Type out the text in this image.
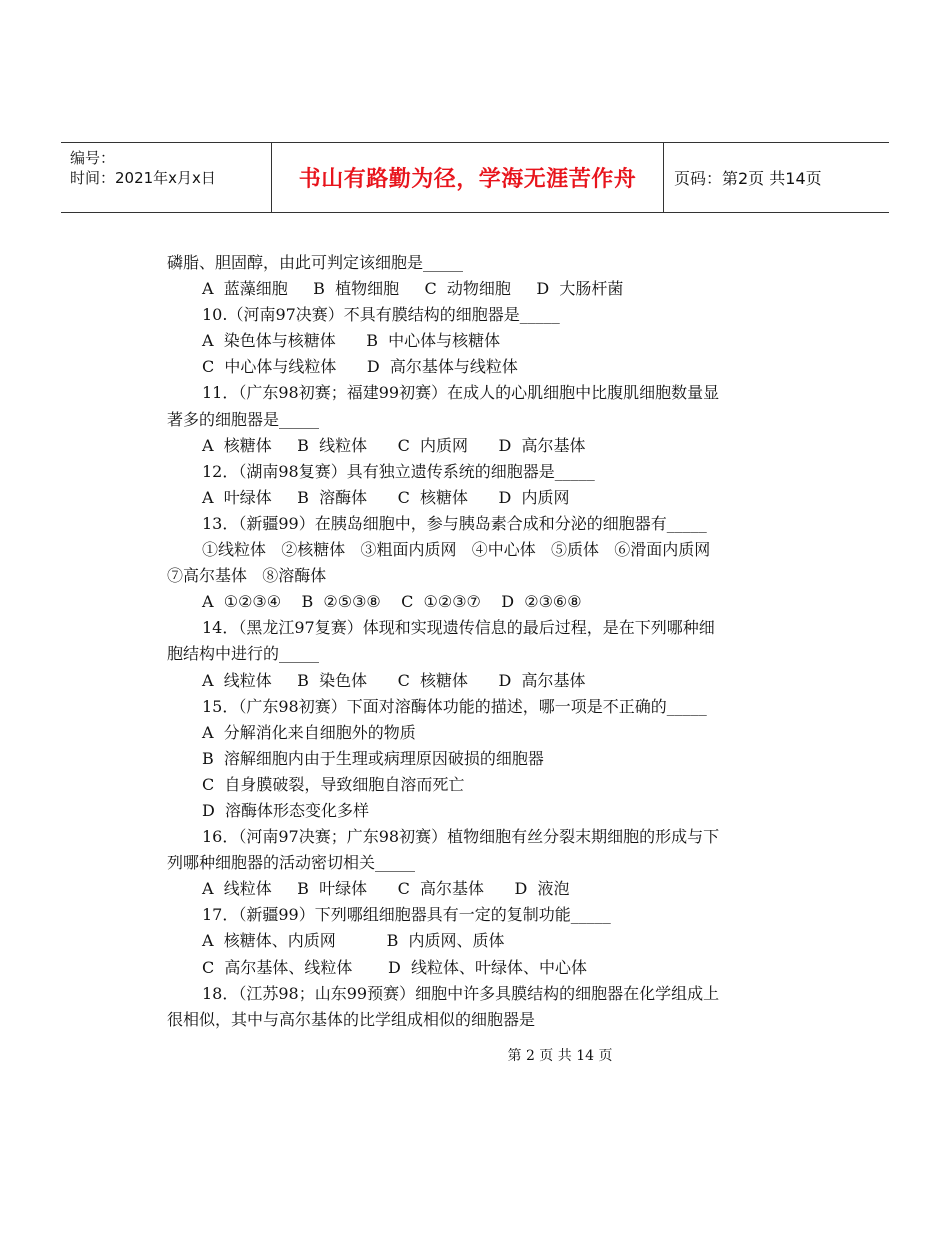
编号：
时间：2021年x月x日	书山有路勤为径，学海无涯苦作舟 页码：第2页 共14页
磷脂、胆固醇，由此可判定该细胞是_____
A  蓝藻细胞     B  植物细胞     C  动物细胞     D  大肠杆菌
10.（河南97决赛）不具有膜结构的细胞器是_____
A  染色体与核糖体      B  中心体与核糖体
C  中心体与线粒体      D  高尔基体与线粒体
11．（广东98初赛；福建99初赛）在成人的心肌细胞中比腹肌细胞数量显
著多的细胞器是_____
A  核糖体     B  线粒体      C  内质网      D  高尔基体
12．（湖南98复赛）具有独立遗传系统的细胞器是_____
A  叶绿体     B  溶酶体      C  核糖体      D  内质网
13．（新疆99）在胰岛细胞中，参与胰岛素合成和分泌的细胞器有_____
①线粒体   ②核糖体   ③粗面内质网   ④中心体   ⑤质体   ⑥滑面内质网
⑦高尔基体   ⑧溶酶体
A  ①②③④    B  ②⑤③⑧    C  ①②③⑦    D  ②③⑥⑧
14．（黑龙江97复赛）体现和实现遗传信息的最后过程，是在下列哪种细
胞结构中进行的_____
A  线粒体     B  染色体      C  核糖体      D  高尔基体
15．（广东98初赛）下面对溶酶体功能的描述，哪一项是不正确的_____
A  分解消化来自细胞外的物质
B  溶解细胞内由于生理或病理原因破损的细胞器
C  自身膜破裂，导致细胞自溶而死亡
D  溶酶体形态变化多样
16．（河南97决赛；广东98初赛）植物细胞有丝分裂末期细胞的形成与下
列哪种细胞器的活动密切相关_____
A  线粒体     B  叶绿体      C  高尔基体      D  液泡
17．（新疆99）下列哪组细胞器具有一定的复制功能_____
A  核糖体、内质网          B  内质网、质体
C  高尔基体、线粒体       D  线粒体、叶绿体、中心体
18．（江苏98；山东99预赛）细胞中许多具膜结构的细胞器在化学组成上
很相似，其中与高尔基体的比学组成相似的细胞器是
第 2 页 共 14 页
